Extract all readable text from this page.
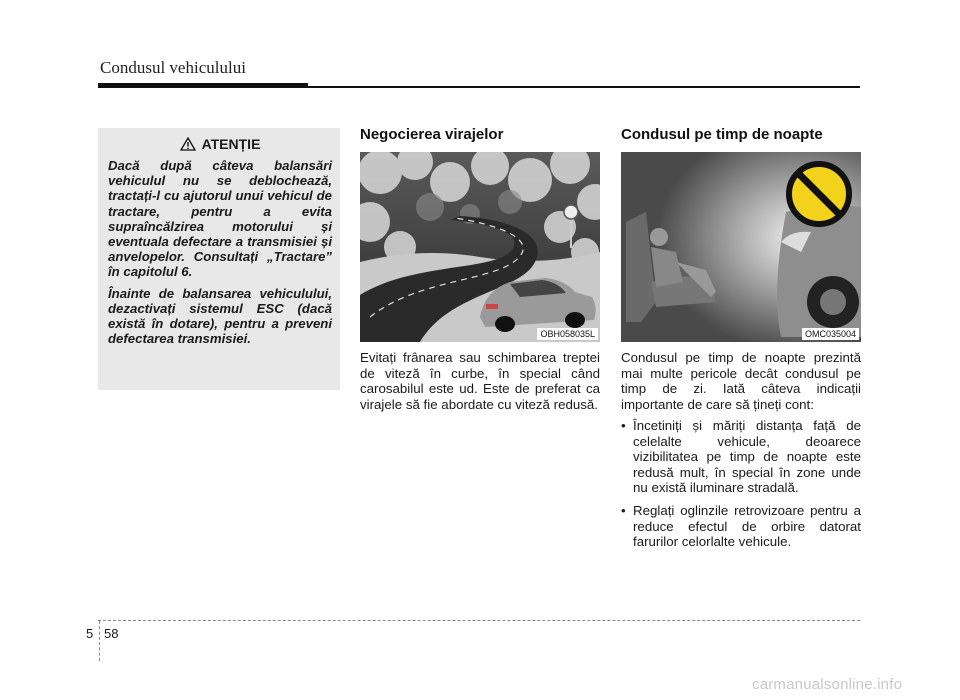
Condusul vehiculului
ATENȚIE

Dacă după câteva balansări vehiculul nu se deblochează, tractați-l cu ajutorul unui vehicul de tractare, pentru a evita supraîncălzirea motorului și eventuala defectare a transmisiei și anvelopelor. Consultați „Tractare” în capitolul 6.

Înainte de balansarea vehiculului, dezactivați sistemul ESC (dacă există în dotare), pentru a preveni defectarea transmisiei.

Negocierea virajelor
OBH058035L

Evitați frânarea sau schimbarea treptei de viteză în curbe, în special când carosabilul este ud. Este de preferat ca virajele să fie abordate cu viteză redusă.

Condusul pe timp de noapte
OMC035004

Condusul pe timp de noapte prezintă mai multe pericole decât condusul pe timp de zi. Iată câteva indicații importante de care să țineți cont:

• Încetiniți și măriți distanța față de celelalte vehicule, deoarece vizibilitatea pe timp de noapte este redusă mult, în special în zone unde nu există iluminare stradală.
• Reglați oglinzile retrovizoare pentru a reduce efectul de orbire datorat farurilor celorlalte vehicule.
5 58
carmanualsonline.info
